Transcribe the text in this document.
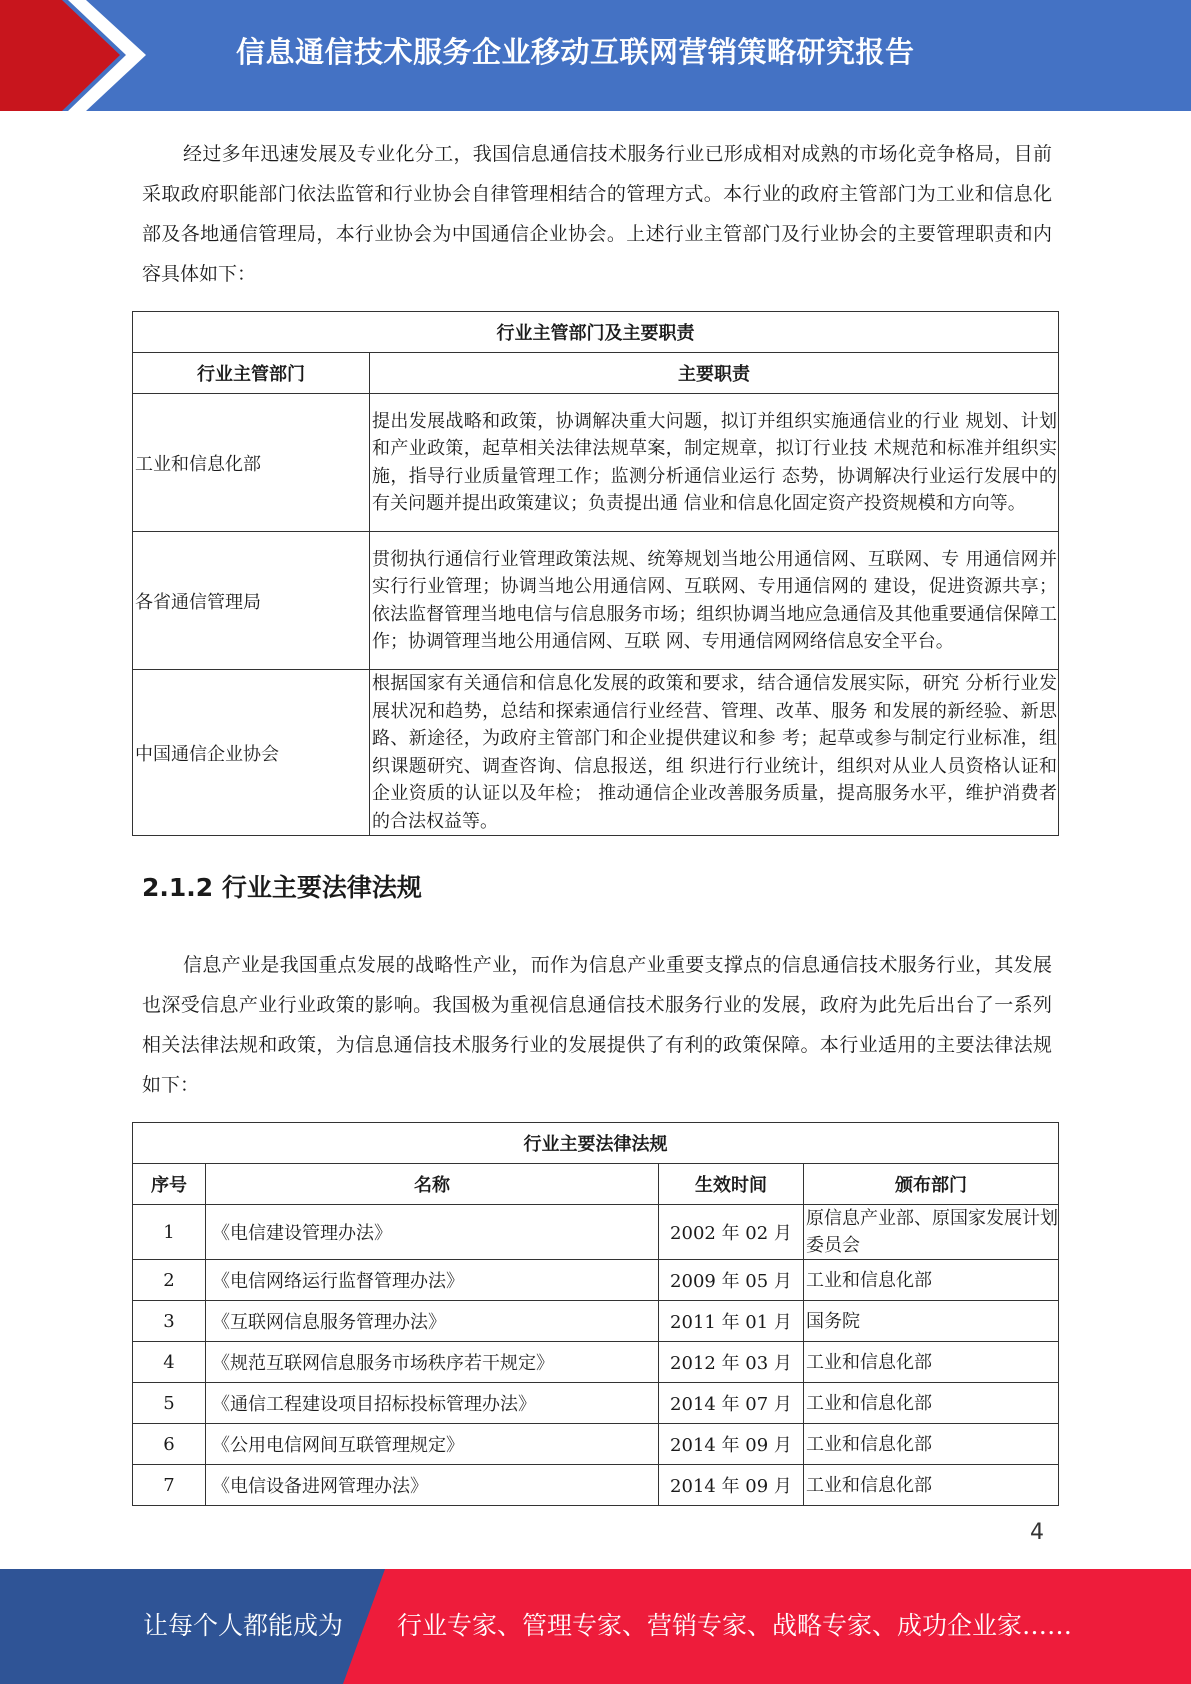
信息通信技术服务企业移动互联网营销策略研究报告
经过多年迅速发展及专业化分工，我国信息通信技术服务行业已形成相对成熟的市场化竞争格局，目前采取政府职能部门依法监管和行业协会自律管理相结合的管理方式。本行业的政府主管部门为工业和信息化部及各地通信管理局，本行业协会为中国通信企业协会。上述行业主管部门及行业协会的主要管理职责和内容具体如下：
行业主管部门及主要职责	
行业主管部门	主要职责
工业和信息化部	提出发展战略和政策，协调解决重大问题，拟订并组织实施通信业的行业 规划、计划和产业政策，起草相关法律法规草案，制定规章，拟订行业技 术规范和标准并组织实施，指导行业质量管理工作；监测分析通信业运行 态势，协调解决行业运行发展中的有关问题并提出政策建议；负责提出通 信业和信息化固定资产投资规模和方向等。
各省通信管理局	贯彻执行通信行业管理政策法规、统筹规划当地公用通信网、互联网、专 用通信网并实行行业管理；协调当地公用通信网、互联网、专用通信网的 建设，促进资源共享；依法监督管理当地电信与信息服务市场；组织协调当地应急通信及其他重要通信保障工作；协调管理当地公用通信网、互联 网、专用通信网网络信息安全平台。
中国通信企业协会	根据国家有关通信和信息化发展的政策和要求，结合通信发展实际，研究 分析行业发展状况和趋势，总结和探索通信行业经营、管理、改革、服务 和发展的新经验、新思路、新途径，为政府主管部门和企业提供建议和参 考；起草或参与制定行业标准，组织课题研究、调查咨询、信息报送，组 织进行行业统计，组织对从业人员资格认证和企业资质的认证以及年检； 推动通信企业改善服务质量，提高服务水平，维护消费者的合法权益等。
2.1.2 行业主要法律法规
信息产业是我国重点发展的战略性产业，而作为信息产业重要支撑点的信息通信技术服务行业，其发展也深受信息产业行业政策的影响。我国极为重视信息通信技术服务行业的发展，政府为此先后出台了一系列相关法律法规和政策，为信息通信技术服务行业的发展提供了有利的政策保障。本行业适用的主要法律法规如下：
行业主要法律法规			
序号	名称	生效时间	颁布部门
1	《电信建设管理办法》	2002 年 02 月	原信息产业部、原国家发展计划委员会
2	《电信网络运行监督管理办法》	2009 年 05 月	工业和信息化部
3	《互联网信息服务管理办法》	2011 年 01 月	国务院
4	《规范互联网信息服务市场秩序若干规定》	2012 年 03 月	工业和信息化部
5	《通信工程建设项目招标投标管理办法》	2014 年 07 月	工业和信息化部
6	《公用电信网间互联管理规定》	2014 年 09 月	工业和信息化部
7	《电信设备进网管理办法》	2014 年 09 月	工业和信息化部
4
让每个人都能成为 行业专家、管理专家、营销专家、战略专家、成功企业家……
